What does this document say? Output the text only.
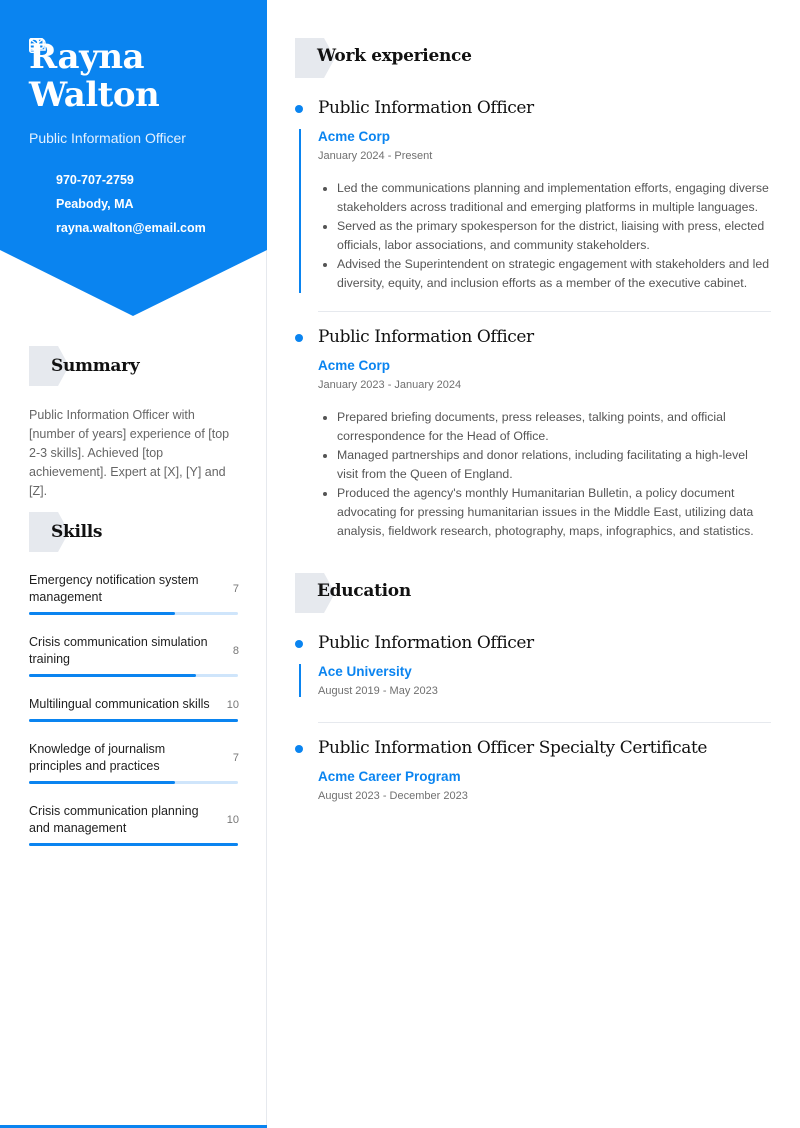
Rayna
Walton
Public Information Officer
970-707-2759
Peabody, MA
rayna.walton@email.com
Summary

Public Information Officer with [number of years] experience of [top 2-3 skills]. Achieved [top achievement]. Expert at [X], [Y] and [Z].

Skills
Emergency notification system management
7
Crisis communication simulation training
8
Multilingual communication skills	10
Knowledge of journalism principles and practices
7
Crisis communication planning and management
10
Work experience
Public Information Officer
Acme Corp
January 2024 - Present
• Led the communications planning and implementation efforts, engaging diverse stakeholders across traditional and emerging platforms in multiple languages.
• Served as the primary spokesperson for the district, liaising with press, elected officials, labor associations, and community stakeholders.
• Advised the Superintendent on strategic engagement with stakeholders and led diversity, equity, and inclusion efforts as a member of the executive cabinet.
Public Information Officer
Acme Corp
January 2023 - January 2024
• Prepared briefing documents, press releases, talking points, and official correspondence for the Head of Office.
• Managed partnerships and donor relations, including facilitating a high-level visit from the Queen of England.
• Produced the agency's monthly Humanitarian Bulletin, a policy document advocating for pressing humanitarian issues in the Middle East, utilizing data analysis, fieldwork research, photography, maps, infographics, and statistics.
Education
Public Information Officer
Ace University
August 2019 - May 2023
Public Information Officer Specialty Certificate
Acme Career Program
August 2023 - December 2023
